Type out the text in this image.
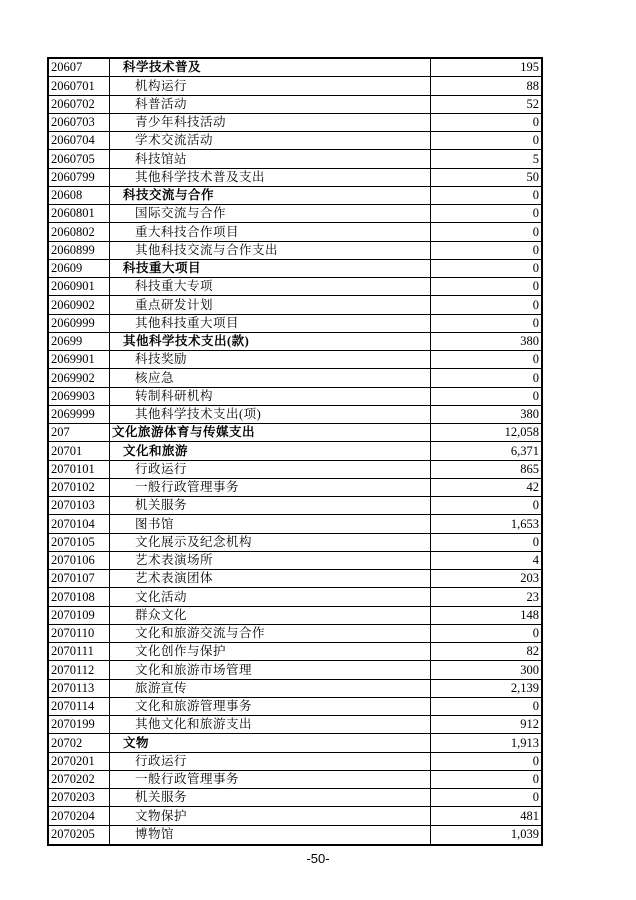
20607	科学技术普及	195
2060701	机构运行	88
2060702	科普活动	52
2060703	青少年科技活动	0
2060704	学术交流活动	0
2060705	科技馆站	5
2060799	其他科学技术普及支出	50
20608	科技交流与合作	0
2060801	国际交流与合作	0
2060802	重大科技合作项目	0
2060899	其他科技交流与合作支出	0
20609	科技重大项目	0
2060901	科技重大专项	0
2060902	重点研发计划	0
2060999	其他科技重大项目	0
20699	其他科学技术支出(款)	380
2069901	科技奖励	0
2069902	核应急	0
2069903	转制科研机构	0
2069999	其他科学技术支出(项)	380
207	文化旅游体育与传媒支出	12,058
20701	文化和旅游	6,371
2070101	行政运行	865
2070102	一般行政管理事务	42
2070103	机关服务	0
2070104	图书馆	1,653
2070105	文化展示及纪念机构	0
2070106	艺术表演场所	4
2070107	艺术表演团体	203
2070108	文化活动	23
2070109	群众文化	148
2070110	文化和旅游交流与合作	0
2070111	文化创作与保护	82
2070112	文化和旅游市场管理	300
2070113	旅游宣传	2,139
2070114	文化和旅游管理事务	0
2070199	其他文化和旅游支出	912
20702	文物	1,913
2070201	行政运行	0
2070202	一般行政管理事务	0
2070203	机关服务	0
2070204	文物保护	481
2070205	博物馆	1,039
-50-
